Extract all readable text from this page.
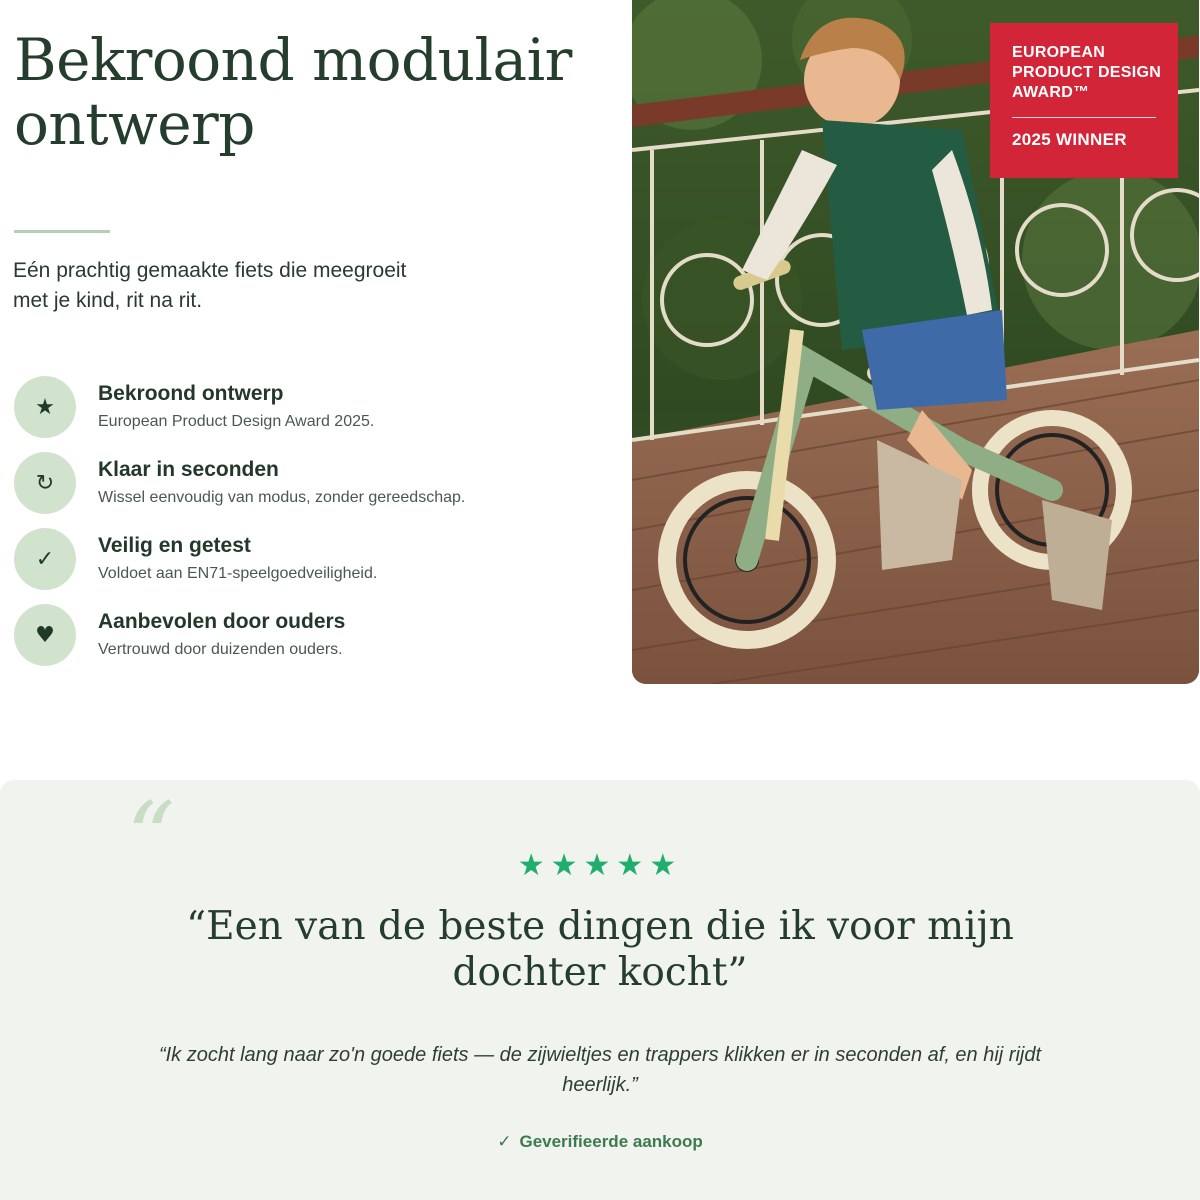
Bekroond modulair ontwerp
Eén prachtig gemaakte fiets die meegroeit met je kind, rit na rit.
★
Bekroond ontwerp
European Product Design Award 2025.
↻
Klaar in seconden
Wissel eenvoudig van modus, zonder gereedschap.
✓
Veilig en getest
Voldoet aan EN71-speelgoedveiligheid.
♥
Aanbevolen door ouders
Vertrouwd door duizenden ouders.
EUROPEAN PRODUCT DESIGN AWARD™
2025 WINNER
“	★★★★★
“Een van de beste dingen die ik voor mijn dochter kocht”
“Ik zocht lang naar zo'n goede fiets — de zijwieltjes en trappers klikken er in seconden af, en hij rijdt heerlijk.”
✓ Geverifieerde aankoop
